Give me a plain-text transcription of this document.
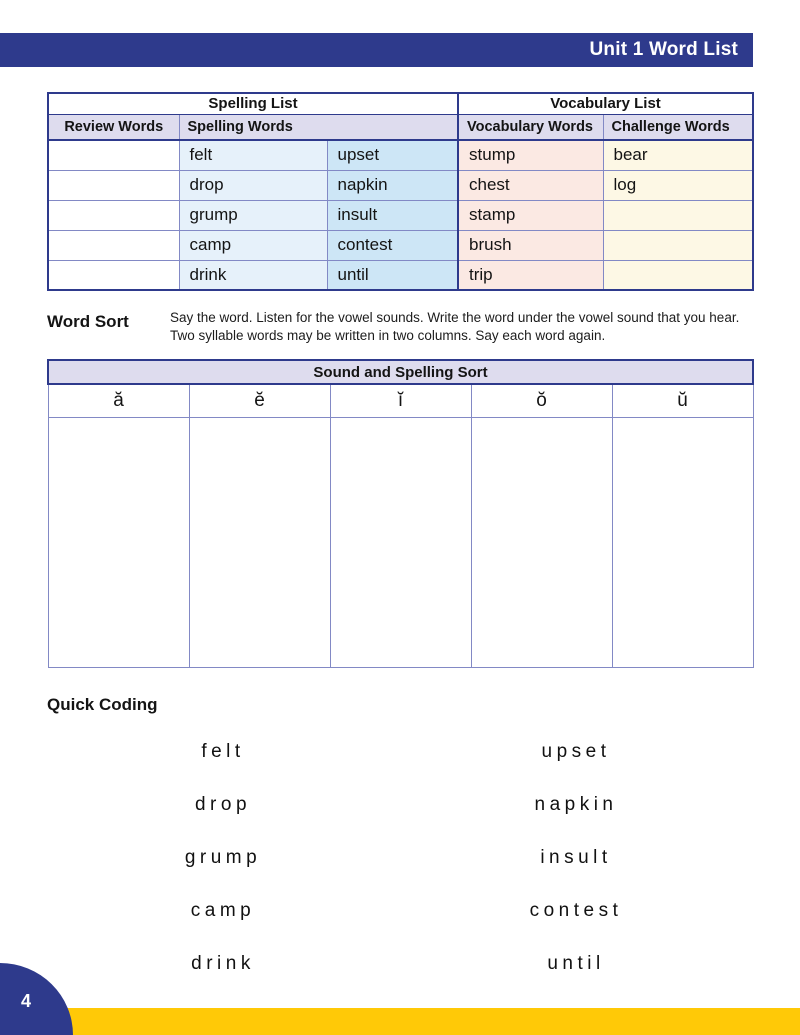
Unit 1 Word List
Spelling List			Vocabulary List	
Review Words	Spelling Words		Vocabulary Words	Challenge Words
	felt	upset	stump	bear
	drop	napkin	chest	log
	grump	insult	stamp	
	camp	contest	brush	
	drink	until	trip	
Word Sort	Say the word. Listen for the vowel sounds. Write the word under the vowel sound that you hear.
Two syllable words may be written in two columns. Say each word again.
Sound and Spelling Sort				
ă	ĕ	ĭ	ŏ	ŭ

Quick Coding
felt	upset
drop	napkin
grump	insult
camp	contest
drink	until
4
